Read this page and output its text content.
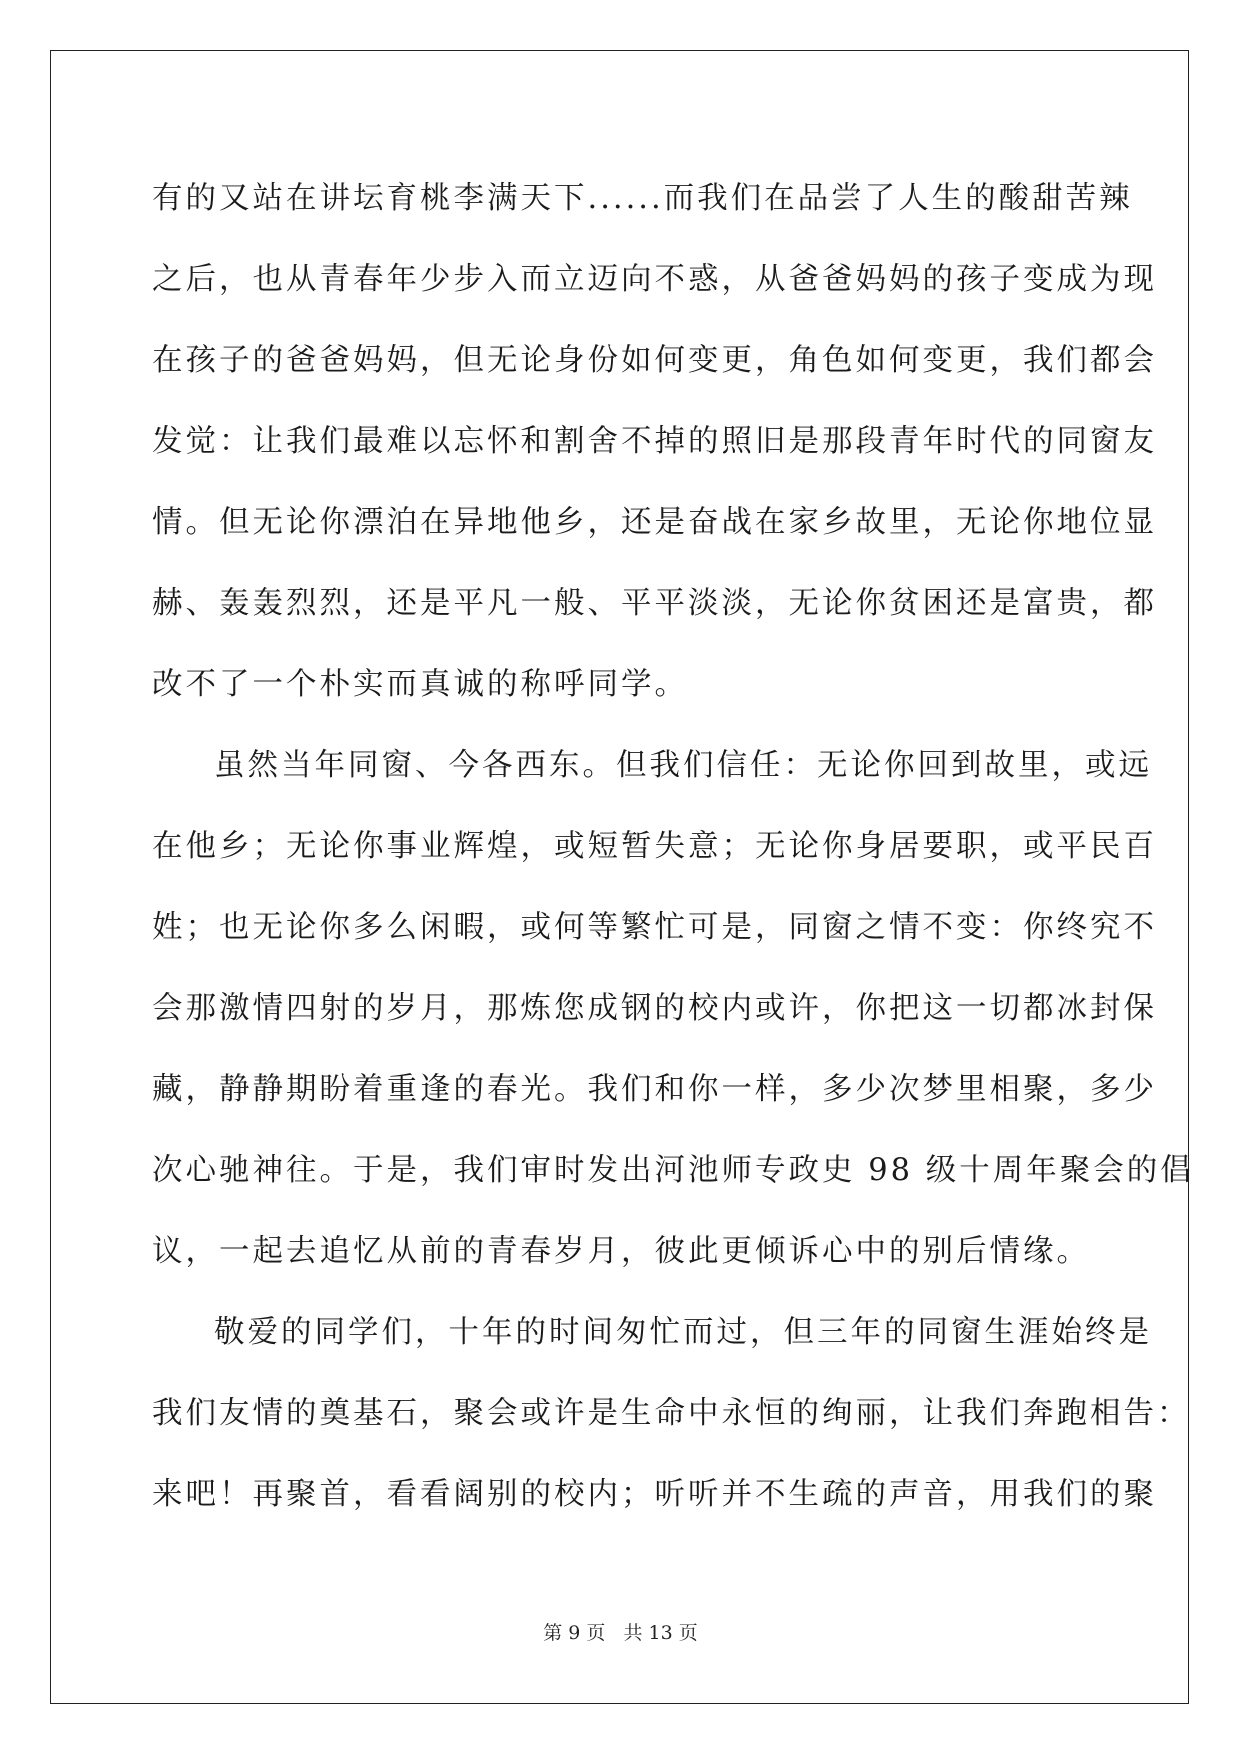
有的又站在讲坛育桃李满天下......而我们在品尝了人生的酸甜苦辣
之后，也从青春年少步入而立迈向不惑，从爸爸妈妈的孩子变成为现
在孩子的爸爸妈妈，但无论身份如何变更，角色如何变更，我们都会
发觉：让我们最难以忘怀和割舍不掉的照旧是那段青年时代的同窗友
情。但无论你漂泊在异地他乡，还是奋战在家乡故里，无论你地位显
赫、轰轰烈烈，还是平凡一般、平平淡淡，无论你贫困还是富贵，都
改不了一个朴实而真诚的称呼同学。
虽然当年同窗、今各西东。但我们信任：无论你回到故里，或远
在他乡；无论你事业辉煌，或短暂失意；无论你身居要职，或平民百
姓；也无论你多么闲暇，或何等繁忙可是，同窗之情不变：你终究不
会那激情四射的岁月，那炼您成钢的校内或许，你把这一切都冰封保
藏，静静期盼着重逢的春光。我们和你一样，多少次梦里相聚，多少
次心驰神往。于是，我们审时发出河池师专政史 98 级十周年聚会的倡
议，一起去追忆从前的青春岁月，彼此更倾诉心中的别后情缘。
敬爱的同学们，十年的时间匆忙而过，但三年的同窗生涯始终是
我们友情的奠基石，聚会或许是生命中永恒的绚丽，让我们奔跑相告：
来吧！再聚首，看看阔别的校内；听听并不生疏的声音，用我们的聚
第 9 页 共 13 页
